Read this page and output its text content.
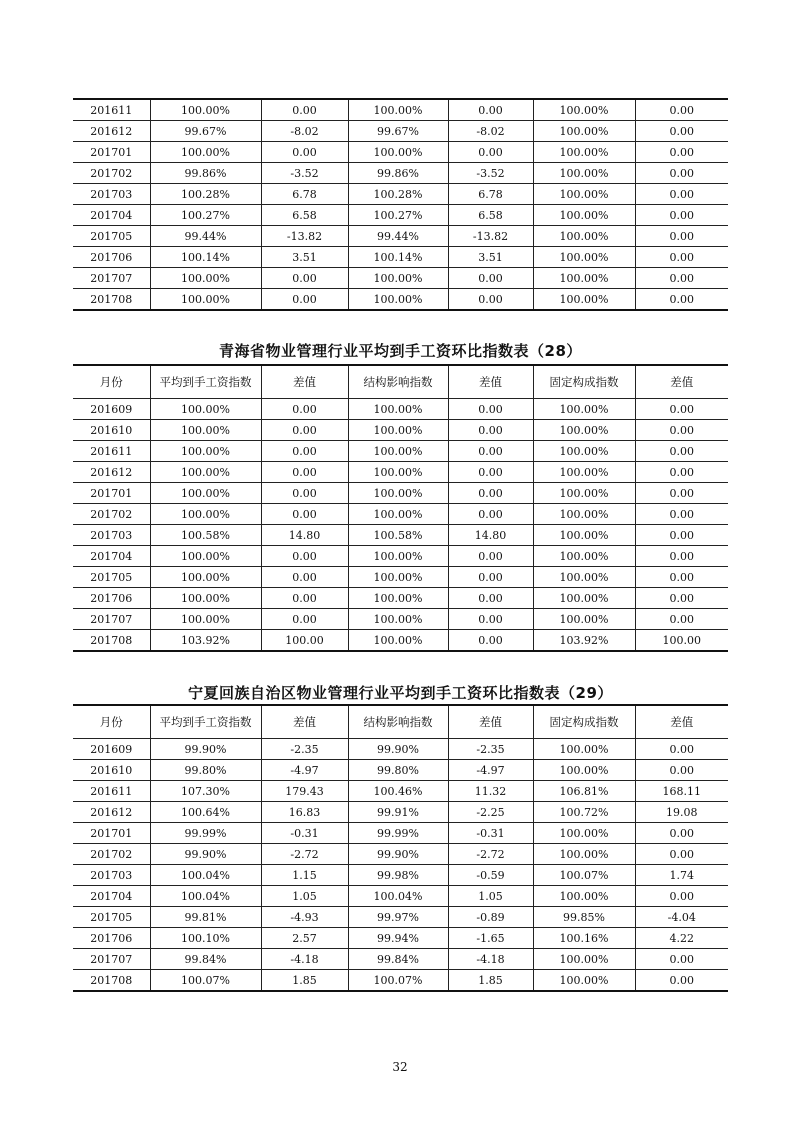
201611	100.00%	0.00	100.00%	0.00	100.00%	0.00
201612	99.67%	-8.02	99.67%	-8.02	100.00%	0.00
201701	100.00%	0.00	100.00%	0.00	100.00%	0.00
201702	99.86%	-3.52	99.86%	-3.52	100.00%	0.00
201703	100.28%	6.78	100.28%	6.78	100.00%	0.00
201704	100.27%	6.58	100.27%	6.58	100.00%	0.00
201705	99.44%	-13.82	99.44%	-13.82	100.00%	0.00
201706	100.14%	3.51	100.14%	3.51	100.00%	0.00
201707	100.00%	0.00	100.00%	0.00	100.00%	0.00
201708	100.00%	0.00	100.00%	0.00	100.00%	0.00
青海省物业管理行业平均到手工资环比指数表（28）
月份	平均到手工资指数	差值	结构影响指数	差值	固定构成指数	差值
201609	100.00%	0.00	100.00%	0.00	100.00%	0.00
201610	100.00%	0.00	100.00%	0.00	100.00%	0.00
201611	100.00%	0.00	100.00%	0.00	100.00%	0.00
201612	100.00%	0.00	100.00%	0.00	100.00%	0.00
201701	100.00%	0.00	100.00%	0.00	100.00%	0.00
201702	100.00%	0.00	100.00%	0.00	100.00%	0.00
201703	100.58%	14.80	100.58%	14.80	100.00%	0.00
201704	100.00%	0.00	100.00%	0.00	100.00%	0.00
201705	100.00%	0.00	100.00%	0.00	100.00%	0.00
201706	100.00%	0.00	100.00%	0.00	100.00%	0.00
201707	100.00%	0.00	100.00%	0.00	100.00%	0.00
201708	103.92%	100.00	100.00%	0.00	103.92%	100.00
宁夏回族自治区物业管理行业平均到手工资环比指数表（29）
月份	平均到手工资指数	差值	结构影响指数	差值	固定构成指数	差值
201609	99.90%	-2.35	99.90%	-2.35	100.00%	0.00
201610	99.80%	-4.97	99.80%	-4.97	100.00%	0.00
201611	107.30%	179.43	100.46%	11.32	106.81%	168.11
201612	100.64%	16.83	99.91%	-2.25	100.72%	19.08
201701	99.99%	-0.31	99.99%	-0.31	100.00%	0.00
201702	99.90%	-2.72	99.90%	-2.72	100.00%	0.00
201703	100.04%	1.15	99.98%	-0.59	100.07%	1.74
201704	100.04%	1.05	100.04%	1.05	100.00%	0.00
201705	99.81%	-4.93	99.97%	-0.89	99.85%	-4.04
201706	100.10%	2.57	99.94%	-1.65	100.16%	4.22
201707	99.84%	-4.18	99.84%	-4.18	100.00%	0.00
201708	100.07%	1.85	100.07%	1.85	100.00%	0.00
32
